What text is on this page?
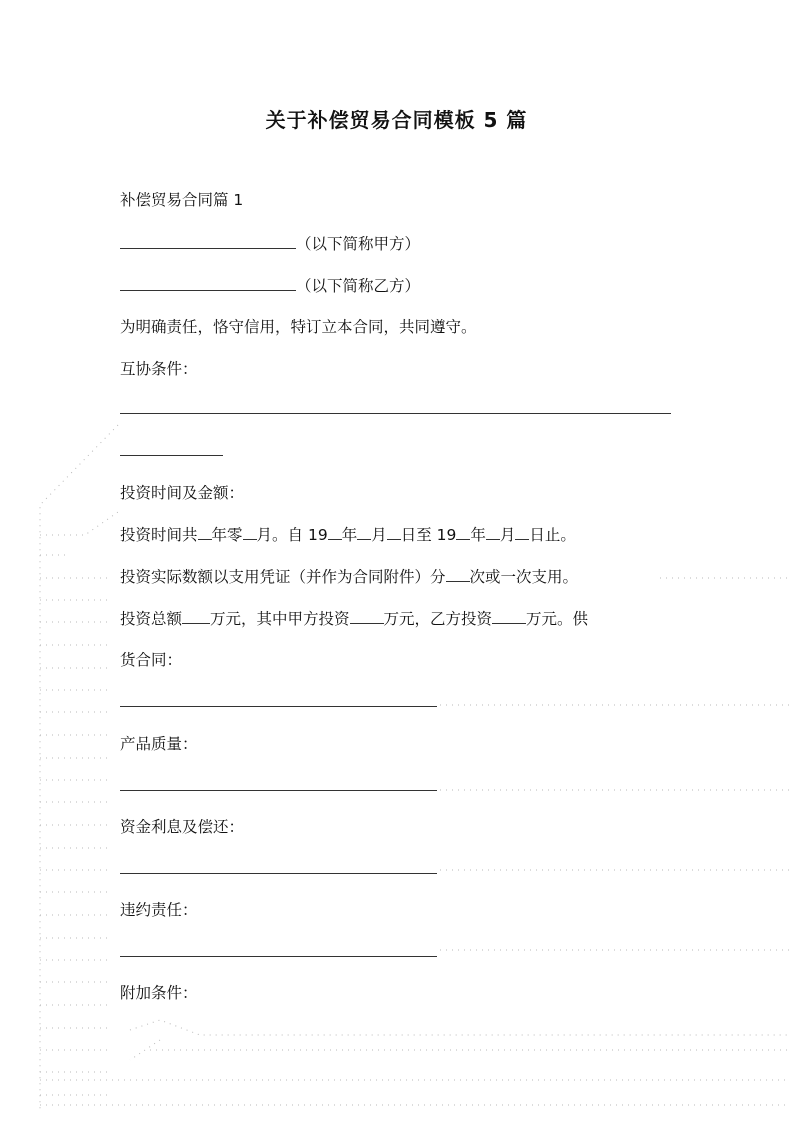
关于补偿贸易合同模板 5 篇
补偿贸易合同篇 1
（以下简称甲方）
（以下简称乙方）
为明确责任，恪守信用，特订立本合同，共同遵守。
互协条件：
投资时间及金额：
投资时间共 年零 月。自 19 年 月 日至 19 年 月 日止。
投资实际数额以支用凭证（并作为合同附件）分 次或一次支用。
投资总额 万元，其中甲方投资 万元，乙方投资 万元。供
货合同：
产品质量：
资金利息及偿还：
违约责任：
附加条件：
